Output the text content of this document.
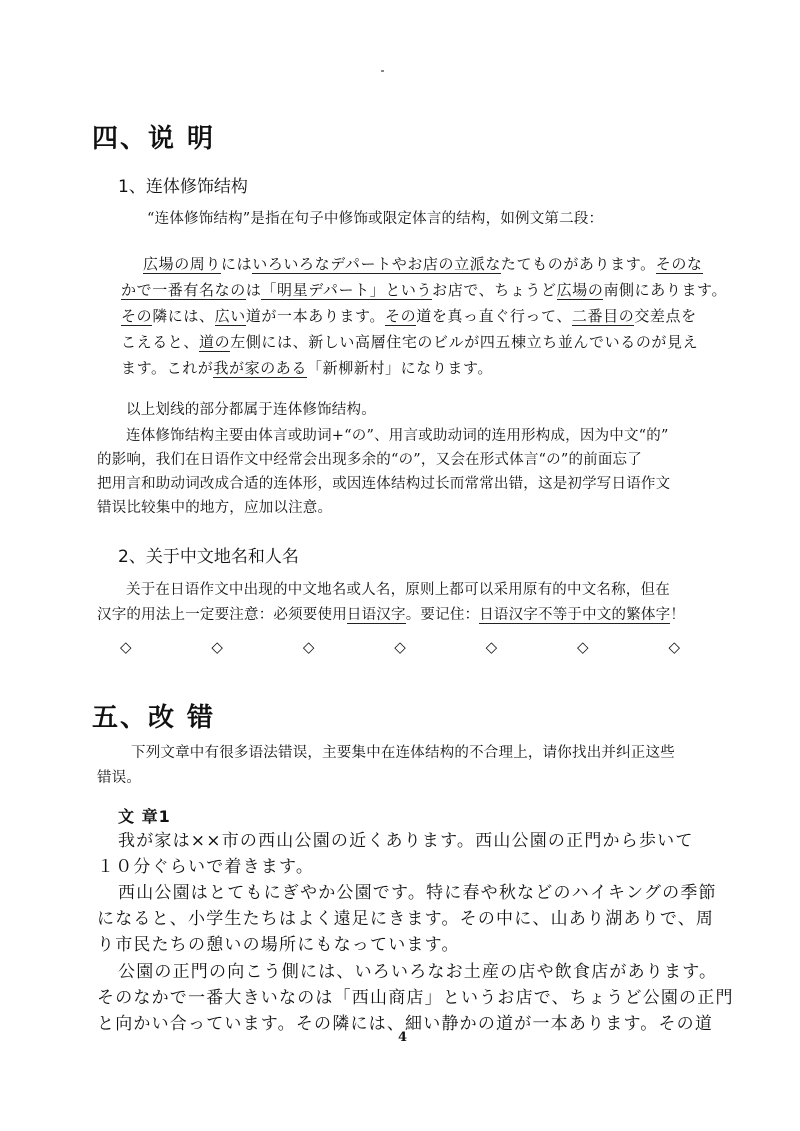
四、说 明
1、连体修饰结构
“连体修饰结构”是指在句子中修饰或限定体言的结构，如例文第二段：
広場の周りにはいろいろなデパートやお店の立派なたてものがあります。そのな
かで一番有名なのは「明星デパート」というお店で、ちょうど広場の南側にあります。
その隣には、広い道が一本あります。その道を真っ直ぐ行って、二番目の交差点を
こえると、道の左側には、新しい高層住宅のビルが四五棟立ち並んでいるのが見え
ます。これが我が家のある「新柳新村」になります。
以上划线的部分都属于连体修饰结构。
连体修饰结构主要由体言或助词+“の”、用言或助动词的连用形构成，因为中文“的”
的影响，我们在日语作文中经常会出现多余的“の”，又会在形式体言“の”的前面忘了
把用言和助动词改成合适的连体形，或因连体结构过长而常常出错，这是初学写日语作文
错误比较集中的地方，应加以注意。
2、关于中文地名和人名
关于在日语作文中出现的中文地名或人名，原则上都可以采用原有的中文名称，但在
汉字的用法上一定要注意：必须要使用日语汉字。要记住：日语汉字不等于中文的繁体字！
◇	◇	◇	◇	◇	◇	◇
五、改 错
下列文章中有很多语法错误，主要集中在连体结构的不合理上，请你找出并纠正这些
错误。
文 章1
我が家は××市の西山公園の近くあります。西山公園の正門から歩いて
１０分ぐらいで着きます。
西山公園はとてもにぎやか公園です。特に春や秋などのハイキングの季節
になると、小学生たちはよく遠足にきます。その中に、山あり湖ありで、周
り市民たちの憩いの場所にもなっています。
公園の正門の向こう側には、いろいろなお土産の店や飲食店があります。
そのなかで一番大きいなのは「西山商店」というお店で、ちょうど公園の正門
と向かい合っています。その隣には、細い静かの道が一本あります。その道
4
